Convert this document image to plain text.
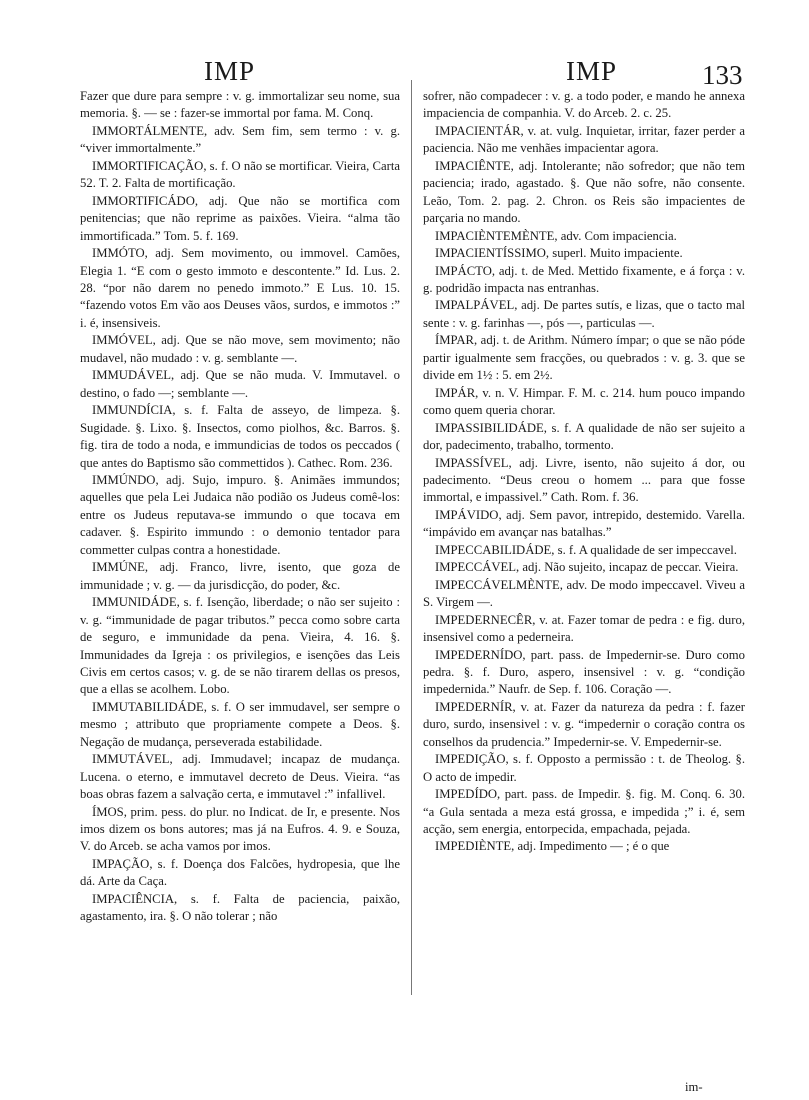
IMP	IMP	133

Fazer que dure para sempre : v. g. immortalizar seu nome, sua memoria. §. — se : fazer-se immortal por fama. M. Conq.

IMMORTÁLMENTE, adv. Sem fim, sem termo : v. g. “viver immortalmente.”

IMMORTIFICAÇÃO, s. f. O não se mortificar. Vieira, Carta 52. T. 2. Falta de mortificação.

IMMORTIFICÁDO, adj. Que não se mortifica com penitencias; que não reprime as paixões. Vieira. “alma tão immortificada.” Tom. 5. f. 169.

IMMÓTO, adj. Sem movimento, ou immovel. Camões, Elegia 1. “E com o gesto immoto e descontente.” Id. Lus. 2. 28. “por não darem no penedo immoto.” E Lus. 10. 15. “fazendo votos Em vão aos Deuses vãos, surdos, e immotos :” i. é, insensiveis.

IMMÓVEL, adj. Que se não move, sem movimento; não mudavel, não mudado : v. g. semblante —.

IMMUDÁVEL, adj. Que se não muda. V. Immutavel. o destino, o fado —; semblante —.

IMMUNDÍCIA, s. f. Falta de asseyo, de limpeza. §. Sugidade. §. Lixo. §. Insectos, como piolhos, &c. Barros. §. fig. tira de todo a noda, e immundicias de todos os peccados ( que antes do Baptismo são commettidos ). Cathec. Rom. 236.

IMMÚNDO, adj. Sujo, impuro. §. Animães immundos; aquelles que pela Lei Judaica não podião os Judeus comê-los: entre os Judeus reputava-se immundo o que tocava em cadaver. §. Espirito immundo : o demonio tentador para commetter culpas contra a honestidade.

IMMÚNE, adj. Franco, livre, isento, que goza de immunidade ; v. g. — da jurisdicção, do poder, &c.

IMMUNIDÁDE, s. f. Isenção, liberdade; o não ser sujeito : v. g. “immunidade de pagar tributos.” pecca como sobre carta de seguro, e immunidade da pena. Vieira, 4. 16. §. Immunidades da Igreja : os privilegios, e isenções das Leis Civis em certos casos; v. g. de se não tirarem dellas os presos, que a ellas se acolhem. Lobo.

IMMUTABILIDÁDE, s. f. O ser immudavel, ser sempre o mesmo ; attributo que propriamente compete a Deos. §. Negação de mudança, perseverada estabilidade.

IMMUTÁVEL, adj. Immudavel; incapaz de mudança. Lucena. o eterno, e immutavel decreto de Deus. Vieira. “as boas obras fazem a salvação certa, e immutavel :” infallivel.

ÍMOS, prim. pess. do plur. no Indicat. de Ir, e presente. Nos imos dizem os bons autores; mas já na Eufros. 4. 9. e Souza, V. do Arceb. se acha vamos por imos.

IMPAÇÃO, s. f. Doença dos Falcões, hydropesia, que lhe dá. Arte da Caça.

IMPACIÊNCIA, s. f. Falta de paciencia, paixão, agastamento, ira. §. O não tolerar ; não

sofrer, não compadecer : v. g. a todo poder, e mando he annexa impaciencia de companhia. V. do Arceb. 2. c. 25.

IMPACIENTÁR, v. at. vulg. Inquietar, irritar, fazer perder a paciencia. Não me venhães impacientar agora.

IMPACIÊNTE, adj. Intolerante; não sofredor; que não tem paciencia; irado, agastado. §. Que não sofre, não consente. Leão, Tom. 2. pag. 2. Chron. os Reis são impacientes de parçaria no mando.

IMPACIÈNTEMÈNTE, adv. Com impaciencia.

IMPACIENTÍSSIMO, superl. Muito impaciente.

IMPÁCTO, adj. t. de Med. Mettido fixamente, e á força : v. g. podridão impacta nas entranhas.

IMPALPÁVEL, adj. De partes sutís, e lizas, que o tacto mal sente : v. g. farinhas —, pós —, particulas —.

ÍMPAR, adj. t. de Arithm. Número ímpar; o que se não póde partir igualmente sem fracções, ou quebrados : v. g. 3. que se divide em 1½ : 5. em 2½.

IMPÁR, v. n. V. Himpar. F. M. c. 214. hum pouco impando como quem queria chorar.

IMPASSIBILIDÁDE, s. f. A qualidade de não ser sujeito a dor, padecimento, trabalho, tormento.

IMPASSÍVEL, adj. Livre, isento, não sujeito á dor, ou padecimento. “Deus creou o homem ... para que fosse immortal, e impassivel.” Cath. Rom. f. 36.

IMPÁVIDO, adj. Sem pavor, intrepido, destemido. Varella. “impávido em avançar nas batalhas.”

IMPECCABILIDÁDE, s. f. A qualidade de ser impeccavel.

IMPECCÁVEL, adj. Não sujeito, incapaz de peccar. Vieira.

IMPECCÁVELMÈNTE, adv. De modo impeccavel. Viveu a S. Virgem —.

IMPEDERNECÊR, v. at. Fazer tomar de pedra : e fig. duro, insensivel como a pederneira.

IMPEDERNÍDO, part. pass. de Impedernir-se. Duro como pedra. §. f. Duro, aspero, insensivel : v. g. “condição impedernida.” Naufr. de Sep. f. 106. Coração —.

IMPEDERNÍR, v. at. Fazer da natureza da pedra : f. fazer duro, surdo, insensivel : v. g. “impedernir o coração contra os conselhos da prudencia.” Impedernir-se. V. Empedernir-se.

IMPEDIÇÃO, s. f. Opposto a permissão : t. de Theolog. §. O acto de impedir.

IMPEDÍDO, part. pass. de Impedir. §. fig. M. Conq. 6. 30. “a Gula sentada a meza está grossa, e impedida ;” i. é, sem acção, sem energia, entorpecida, empachada, pejada.

IMPEDIÈNTE, adj. Impedimento — ; é o que

im-
